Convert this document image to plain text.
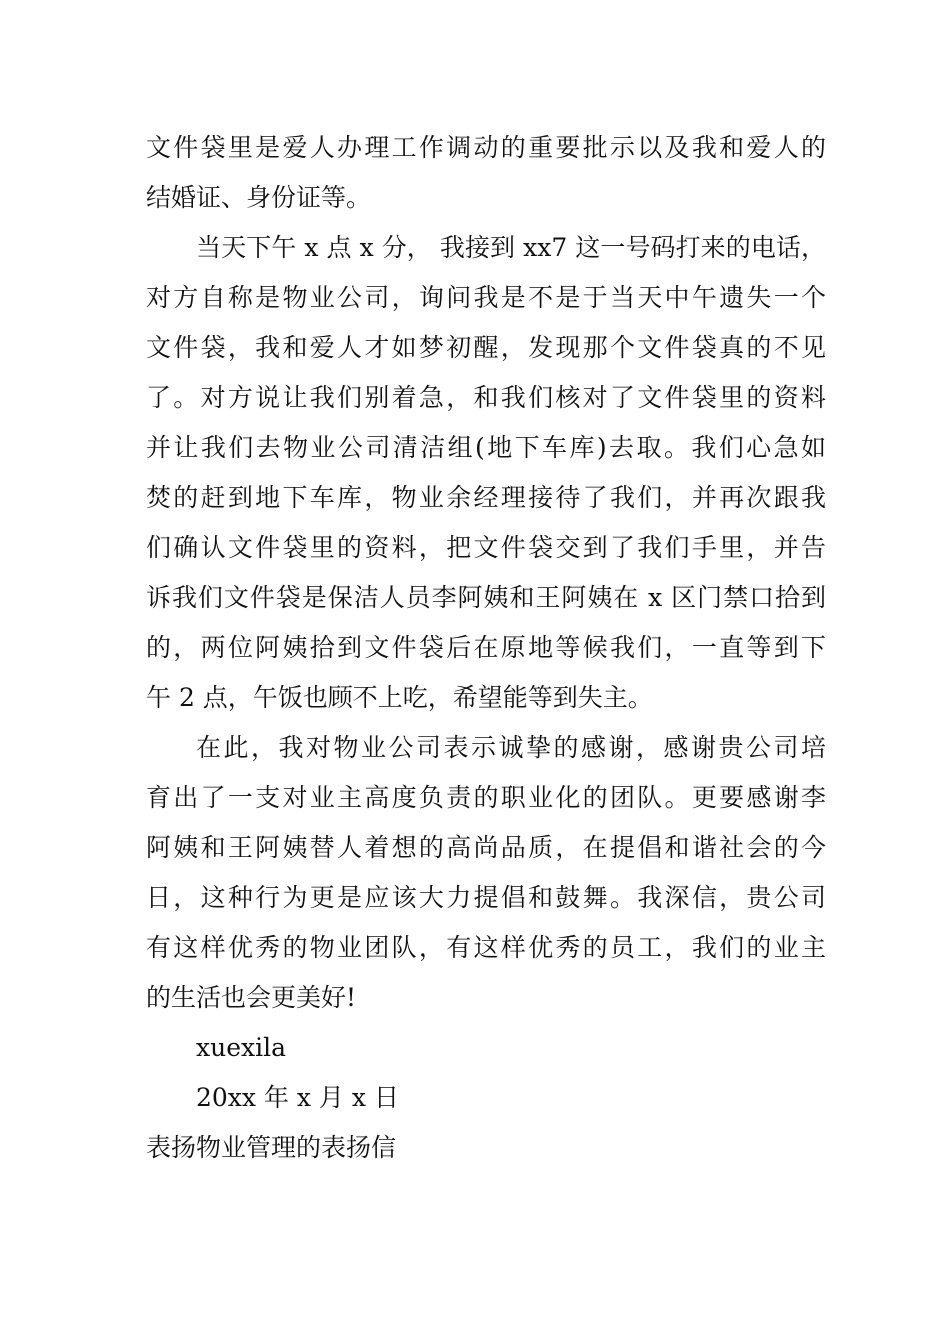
文件袋里是爱人办理工作调动的重要批示以及我和爱人的

结婚证、身份证等。

当天下午 x 点 x 分， 我接到 xx7 这一号码打来的电话，

对方自称是物业公司，询问我是不是于当天中午遗失一个

文件袋，我和爱人才如梦初醒，发现那个文件袋真的不见

了。对方说让我们别着急，和我们核对了文件袋里的资料

并让我们去物业公司清洁组(地下车库)去取。我们心急如

焚的赶到地下车库，物业余经理接待了我们，并再次跟我

们确认文件袋里的资料，把文件袋交到了我们手里，并告

诉我们文件袋是保洁人员李阿姨和王阿姨在 x 区门禁口拾到

的，两位阿姨拾到文件袋后在原地等候我们，一直等到下

午 2 点，午饭也顾不上吃，希望能等到失主。

在此，我对物业公司表示诚挚的感谢，感谢贵公司培

育出了一支对业主高度负责的职业化的团队。更要感谢李

阿姨和王阿姨替人着想的高尚品质，在提倡和谐社会的今

日，这种行为更是应该大力提倡和鼓舞。我深信，贵公司

有这样优秀的物业团队，有这样优秀的员工，我们的业主

的生活也会更美好!

xuexila

20xx 年 x 月 x 日

表扬物业管理的表扬信
